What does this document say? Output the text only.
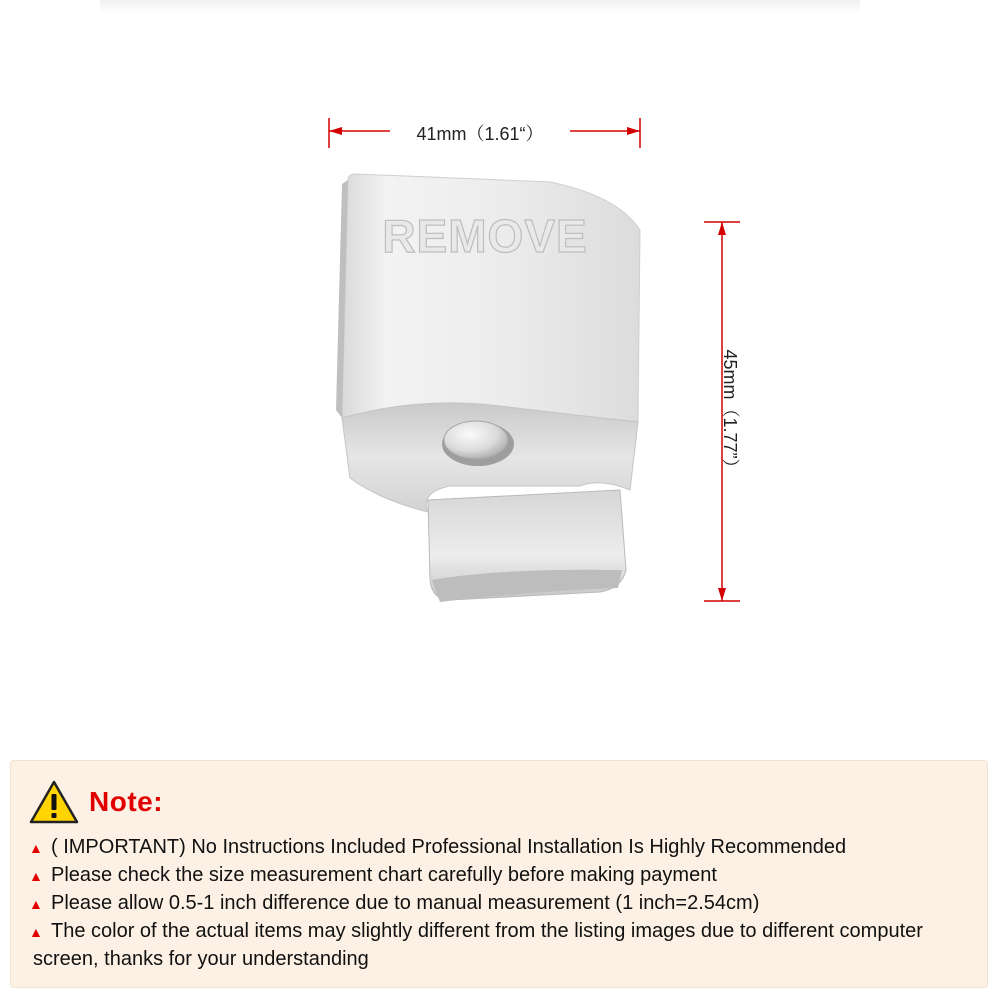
41mm（1.61“）
45mm（1.77”）
REMOVE
Note:
▲ ( IMPORTANT) No Instructions Included Professional Installation Is Highly Recommended
▲ Please check the size measurement chart carefully before making payment
▲ Please allow 0.5-1 inch difference due to manual measurement (1 inch=2.54cm)
▲ The color of the actual items may slightly different from the listing images due to different computer
screen, thanks for your understanding
